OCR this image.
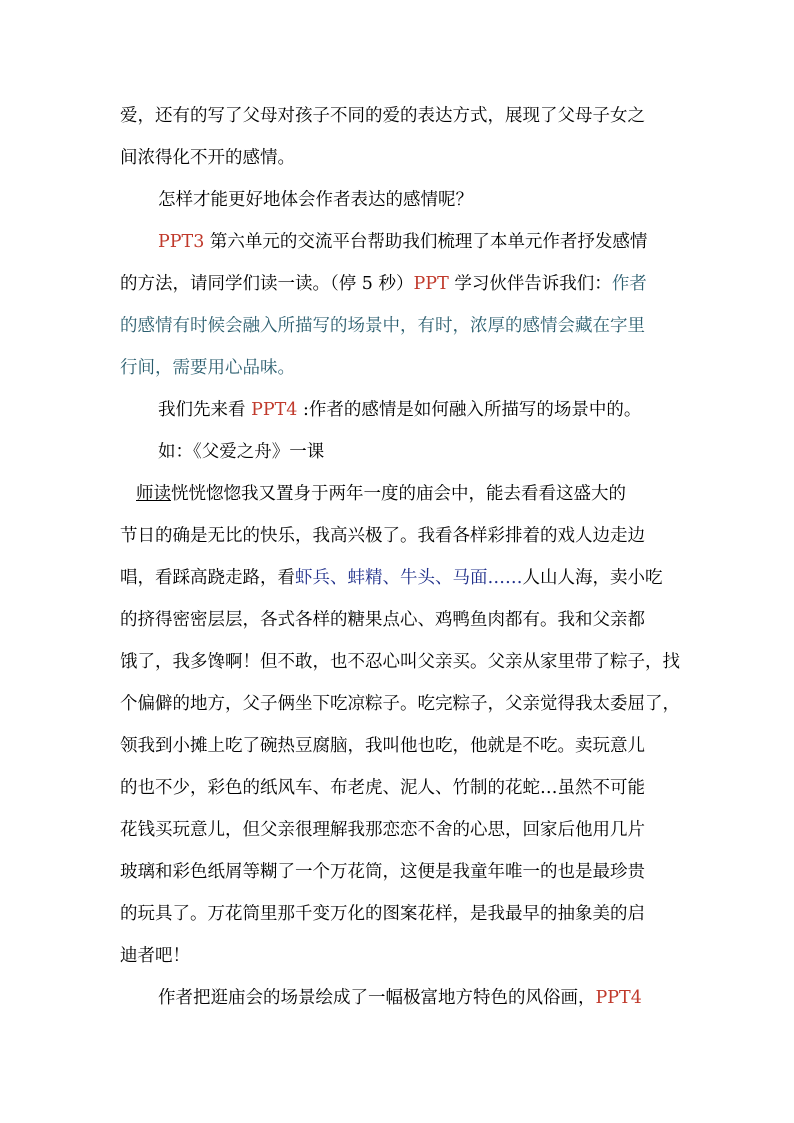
爱，还有的写了父母对孩子不同的爱的表达方式，展现了父母子女之
间浓得化不开的感情。
怎样才能更好地体会作者表达的感情呢？
PPT3 第六单元的交流平台帮助我们梳理了本单元作者抒发感情
的方法，请同学们读一读。（停 5 秒）PPT 学习伙伴告诉我们：作者
的感情有时候会融入所描写的场景中，有时，浓厚的感情会藏在字里
行间，需要用心品味。
我们先来看 PPT4 :作者的感情是如何融入所描写的场景中的。
如：《父爱之舟》一课
师读恍恍惚惚我又置身于两年一度的庙会中，能去看看这盛大的
节日的确是无比的快乐，我高兴极了。我看各样彩排着的戏人边走边
唱，看踩高跷走路，看虾兵、蚌精、牛头、马面……人山人海，卖小吃
的挤得密密层层，各式各样的糖果点心、鸡鸭鱼肉都有。我和父亲都
饿了，我多馋啊！但不敢，也不忍心叫父亲买。父亲从家里带了粽子，找
个偏僻的地方，父子俩坐下吃凉粽子。吃完粽子，父亲觉得我太委屈了，
领我到小摊上吃了碗热豆腐脑，我叫他也吃，他就是不吃。卖玩意儿
的也不少，彩色的纸风车、布老虎、泥人、竹制的花蛇…虽然不可能
花钱买玩意儿，但父亲很理解我那恋恋不舍的心思，回家后他用几片
玻璃和彩色纸屑等糊了一个万花筒，这便是我童年唯一的也是最珍贵
的玩具了。万花筒里那千变万化的图案花样，是我最早的抽象美的启
迪者吧！
作者把逛庙会的场景绘成了一幅极富地方特色的风俗画，PPT4
